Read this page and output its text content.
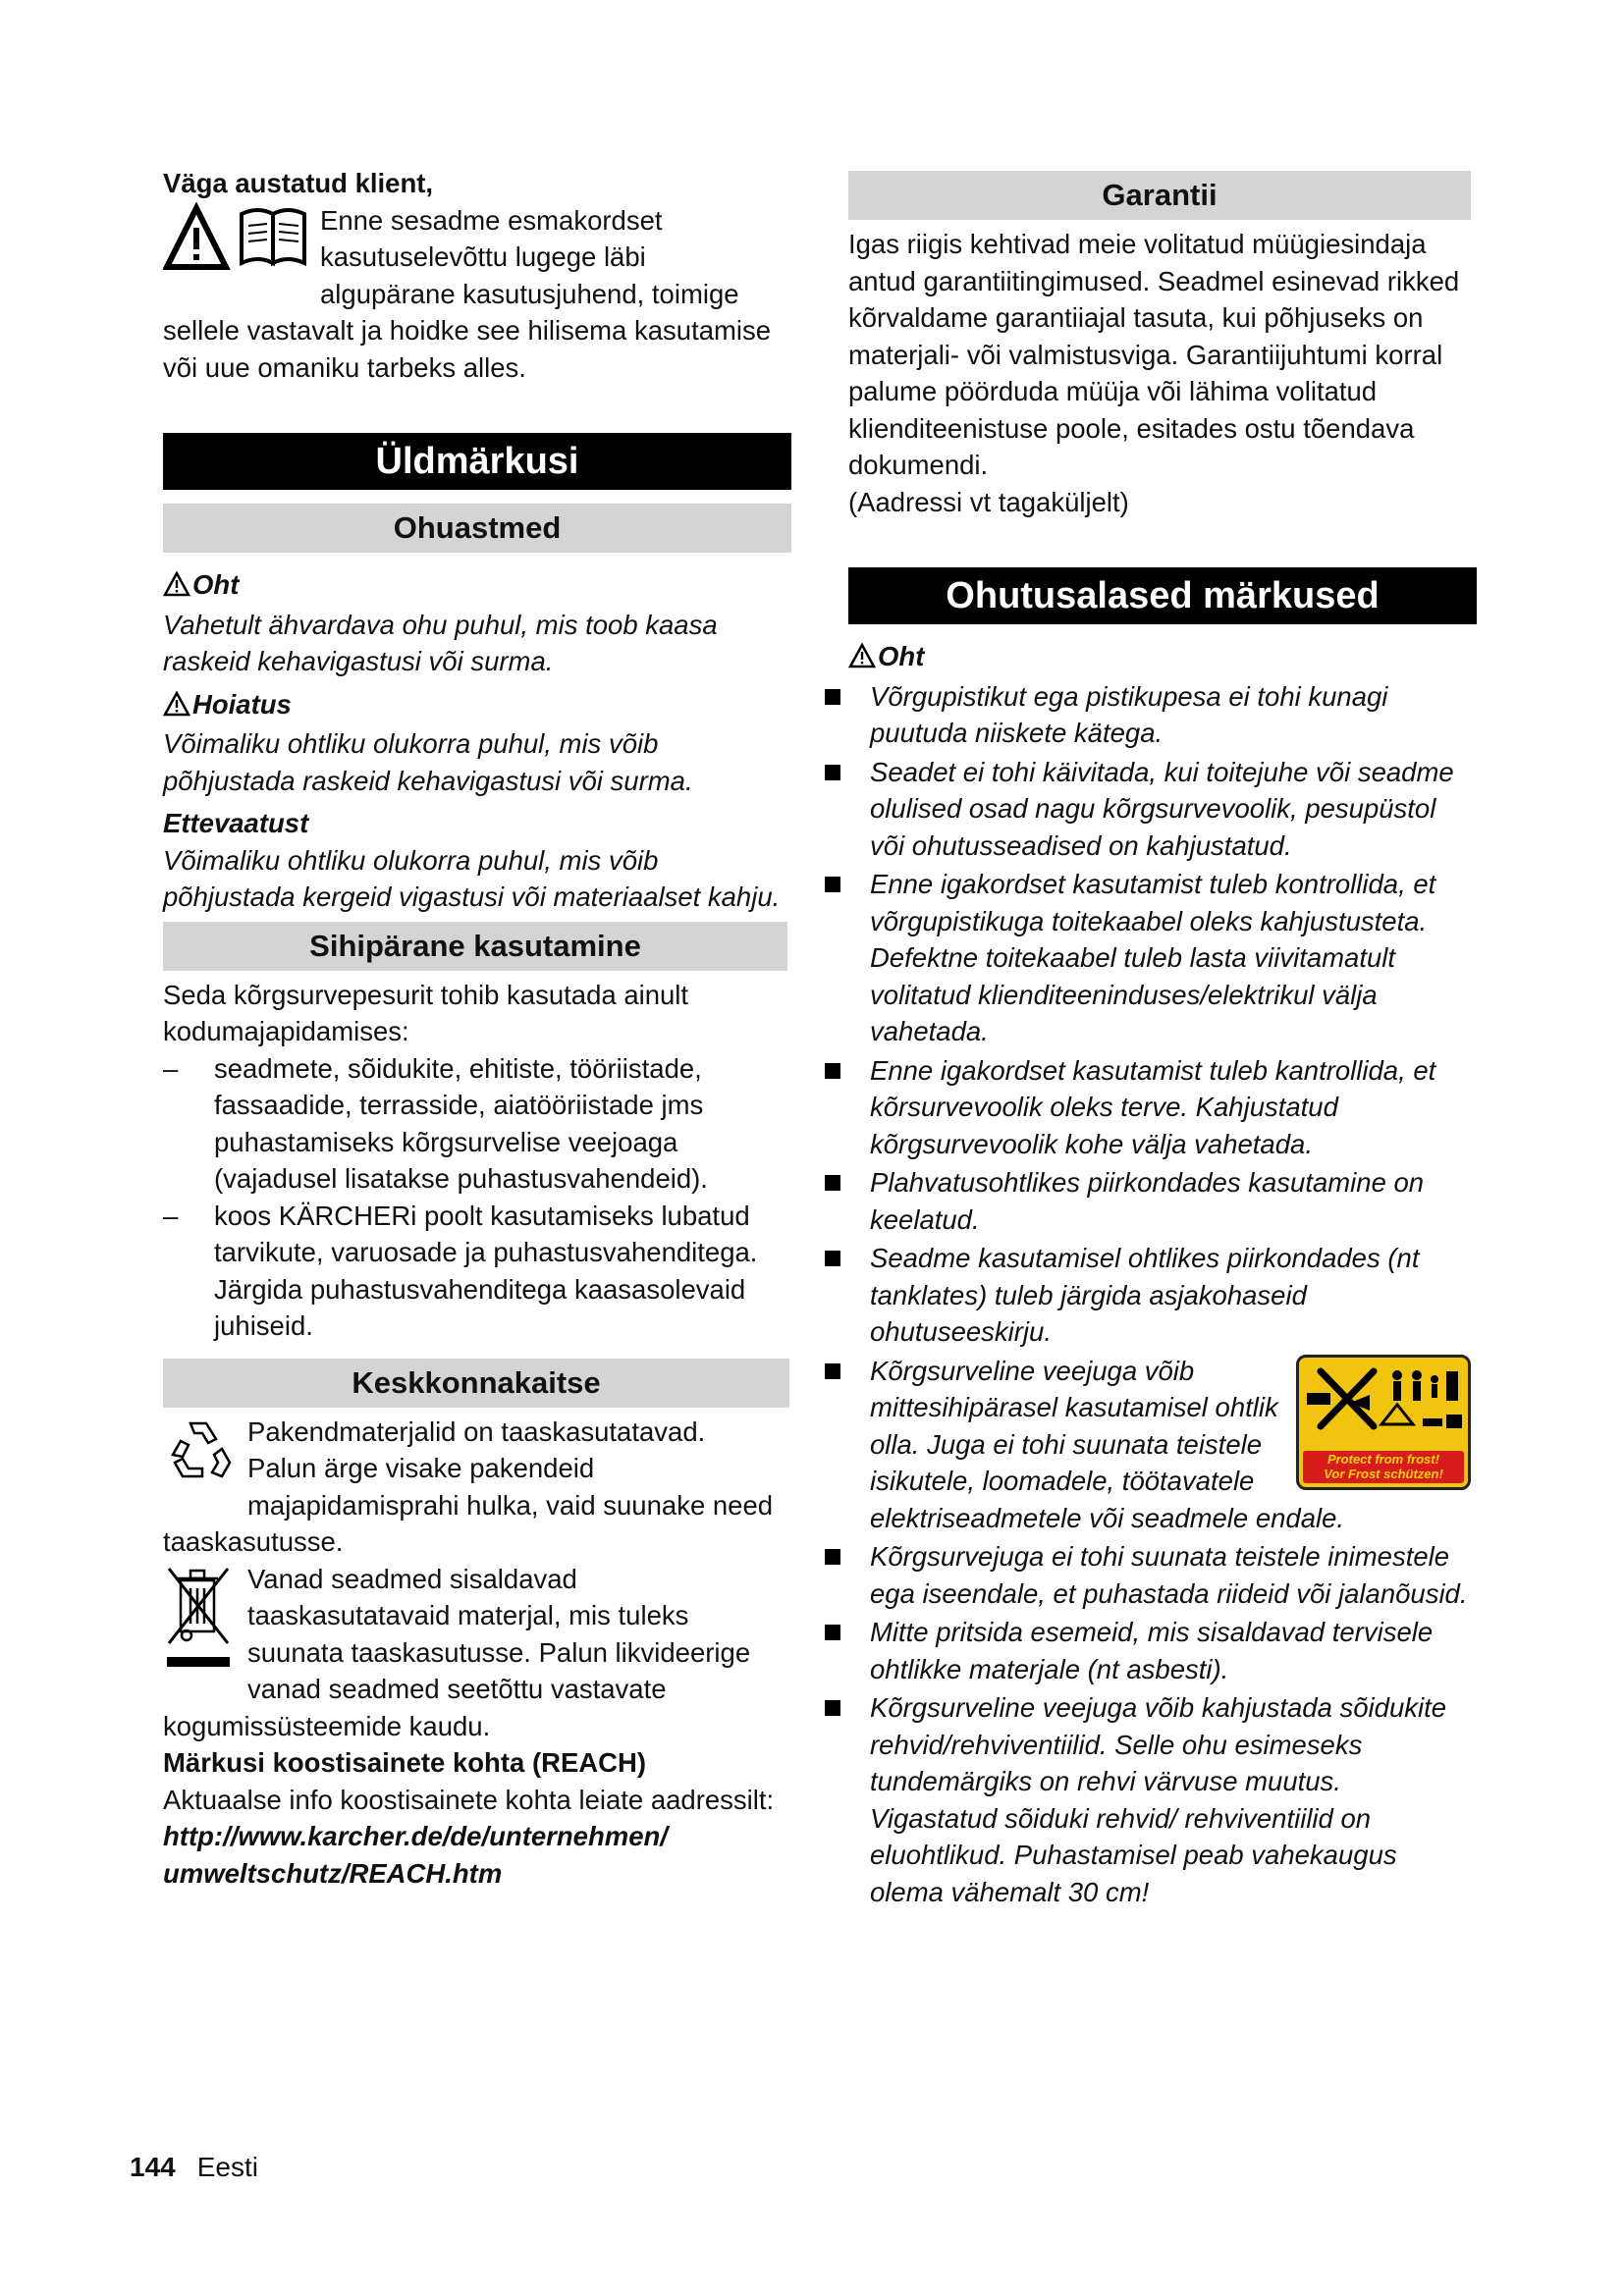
Väga austatud klient,

Enne sesadme esmakordset
kasutuselevõttu lugege läbi
algupärane kasutusjuhend, toimige sellele vastavalt ja hoidke see hilisema kasutamise või uue omaniku tarbeks alles.
Üldmärkusi
Ohuastmed

Oht

Vahetult ähvardava ohu puhul, mis toob kaasa raskeid kehavigastusi või surma.

Hoiatus

Võimaliku ohtliku olukorra puhul, mis võib põhjustada raskeid kehavigastusi või surma.

Ettevaatust

Võimaliku ohtliku olukorra puhul, mis võib põhjustada kergeid vigastusi või materiaalset kahju.

Sihipärane kasutamine

Seda kõrgsurvepesurit tohib kasutada ainult kodumajapidamises:

– seadmete, sõidukite, ehitiste, tööriistade, fassaadide, terrasside, aiatööriistade jms puhastamiseks kõrgsurvelise veejoaga (vajadusel lisatakse puhastusvahendeid).
– koos KÄRCHERi poolt kasutamiseks lubatud tarvikute, varuosade ja puhastusvahenditega. Järgida puhastusvahenditega kaasasolevaid juhiseid.
Keskkonnakaitse
Pakendmaterjalid on taaskasutatavad.
Palun ärge visake pakendeid
majapidamisprahi hulka, vaid suunake need taaskasutusse.
Vanad seadmed sisaldavad
taaskasutatavaid materjal, mis tuleks
suunata taaskasutusse. Palun likvideerige
vanad seadmed seetõttu vastavate kogumissüsteemide kaudu.

Märkusi koostisainete kohta (REACH)

Aktuaalse info koostisainete kohta leiate aadressilt:

http://www.karcher.de/de/unternehmen/
umweltschutz/REACH.htm

Garantii

Igas riigis kehtivad meie volitatud müügiesindaja antud garantiitingimused. Seadmel esinevad rikked kõrvaldame garantiiajal tasuta, kui põhjuseks on materjali- või valmistusviga. Garantiijuhtumi korral palume pöörduda müüja või lähima volitatud klienditeenistuse poole, esitades ostu tõendava dokumendi.

(Aadressi vt tagaküljelt)

Ohutusalased märkused

Oht

Võrgupistikut ega pistikupesa ei tohi kunagi puutuda niiskete kätega.
Seadet ei tohi käivitada, kui toitejuhe või seadme olulised osad nagu kõrgsurvevoolik, pesupüstol või ohutusseadised on kahjustatud.
Enne igakordset kasutamist tuleb kontrollida, et võrgupistikuga toitekaabel oleks kahjustusteta. Defektne toitekaabel tuleb lasta viivitamatult volitatud klienditeeninduses/elektrikul välja vahetada.
Enne igakordset kasutamist tuleb kantrollida, et kõrsurvevoolik oleks terve. Kahjustatud kõrgsurvevoolik kohe välja vahetada.
Plahvatusohtlikes piirkondades kasutamine on keelatud.
Seadme kasutamisel ohtlikes piirkondades (nt tanklates) tuleb järgida asjakohaseid ohutuseeskirju.
Protect from frost!
Vor Frost schützen!
Kõrgsurveline veejuga võib mittesihipärasel kasutamisel ohtlik olla. Juga ei tohi suunata teistele isikutele, loomadele, töötavatele elektriseadmetele või seadmele endale.
Kõrgsurvejuga ei tohi suunata teistele inimestele ega iseendale, et puhastada riideid või jalanõusid.
Mitte pritsida esemeid, mis sisaldavad tervisele ohtlikke materjale (nt asbesti).
Kõrgsurveline veejuga võib kahjustada sõidukite rehvid/rehviventiilid. Selle ohu esimeseks tundemärgiks on rehvi värvuse muutus. Vigastatud sõiduki rehvid/ rehviventiilid on eluohtlikud. Puhastamisel peab vahekaugus olema vähemalt 30 cm!
144 Eesti
